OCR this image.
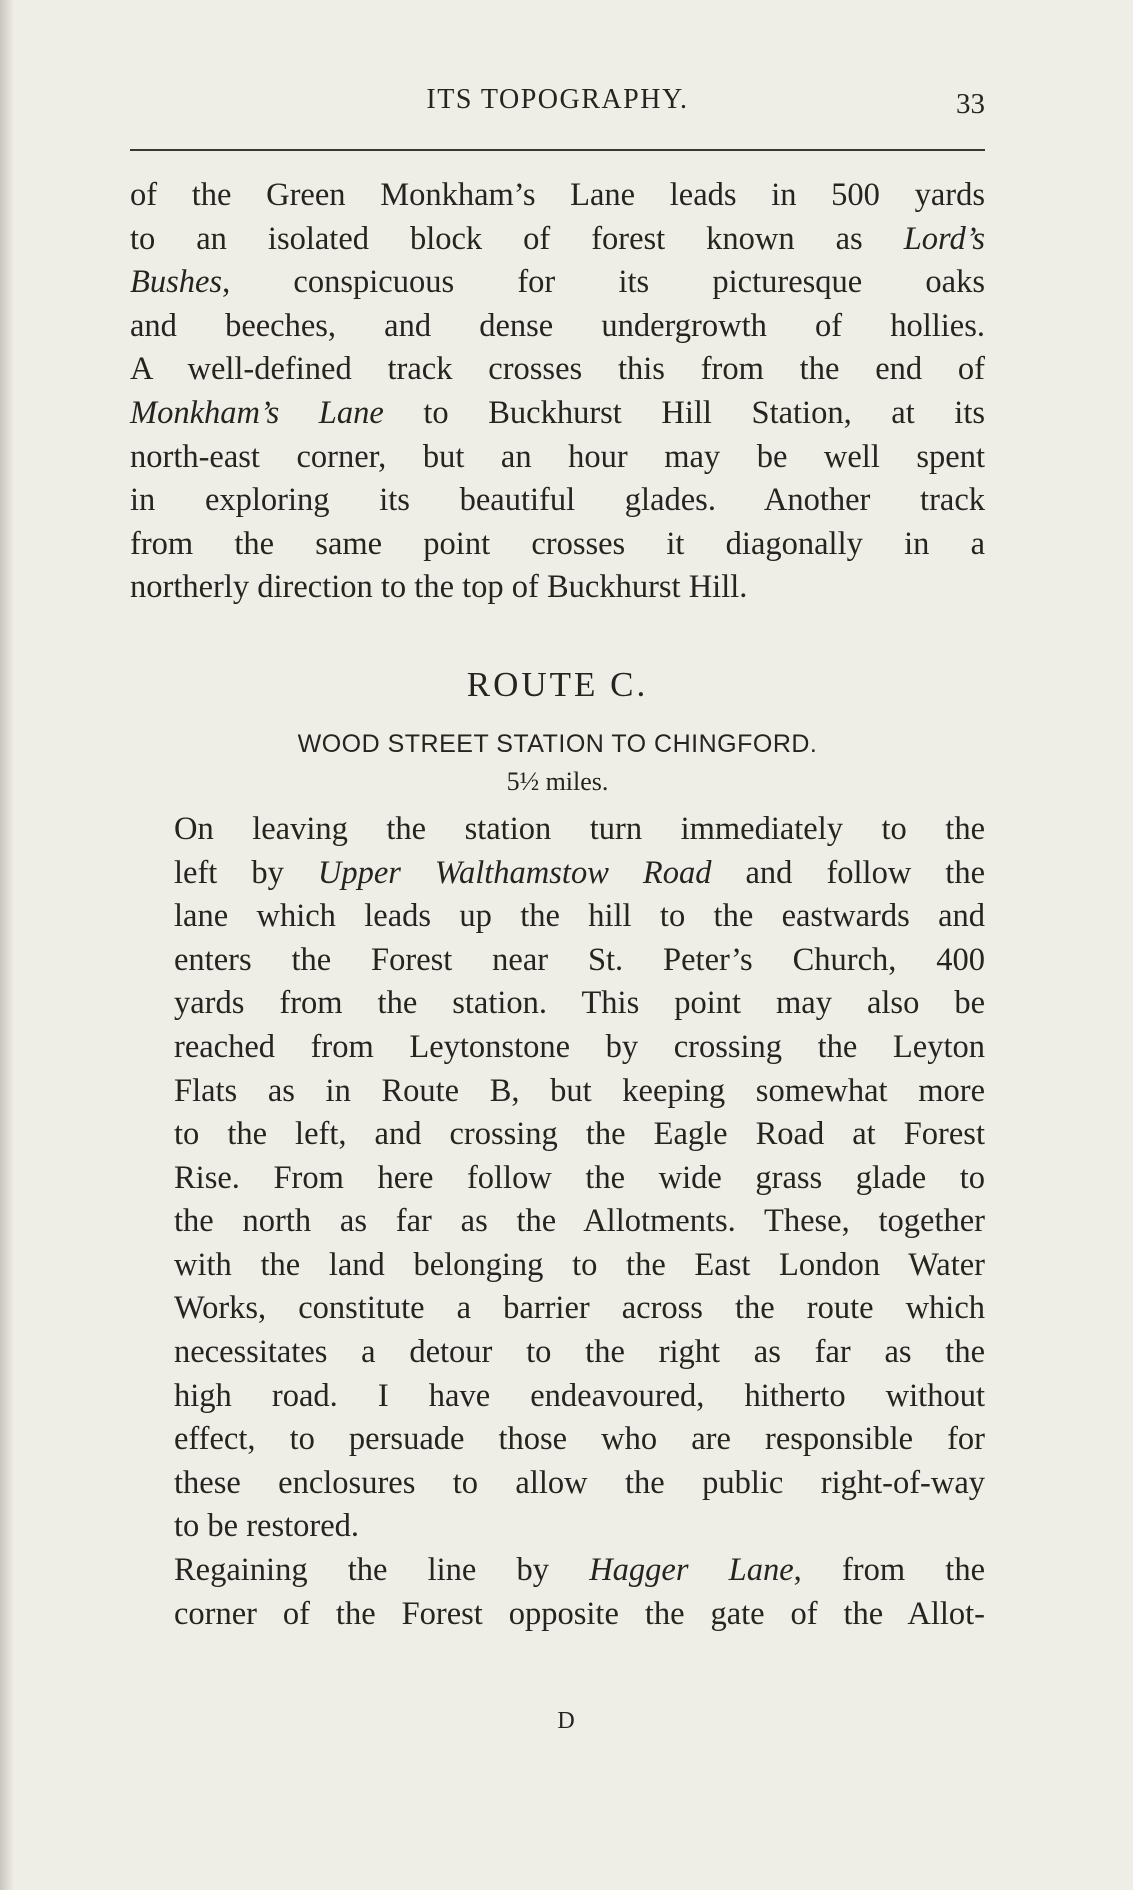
ITS TOPOGRAPHY.	33

of the Green Monkham’s Lane leads in 500 yards
to an isolated block of forest known as Lord’s
Bushes, conspicuous for its picturesque oaks
and beeches, and dense undergrowth of hollies.
A well-defined track crosses this from the end of
Monkham’s Lane to Buckhurst Hill Station, at its
north-east corner, but an hour may be well spent
in exploring its beautiful glades. Another track
from the same point crosses it diagonally in a
northerly direction to the top of Buckhurst Hill.

ROUTE C.
WOOD STREET STATION TO CHINGFORD.
5½ miles.

On leaving the station turn immediately to the
left by Upper Walthamstow Road and follow the
lane which leads up the hill to the eastwards and
enters the Forest near St. Peter’s Church, 400
yards from the station. This point may also be
reached from Leytonstone by crossing the Leyton
Flats as in Route B, but keeping somewhat more
to the left, and crossing the Eagle Road at Forest
Rise. From here follow the wide grass glade to
the north as far as the Allotments. These, together
with the land belonging to the East London Water
Works, constitute a barrier across the route which
necessitates a detour to the right as far as the
high road. I have endeavoured, hitherto without
effect, to persuade those who are responsible for
these enclosures to allow the public right-of-way
to be restored.

Regaining the line by Hagger Lane, from the
corner of the Forest opposite the gate of the Allot-

D
